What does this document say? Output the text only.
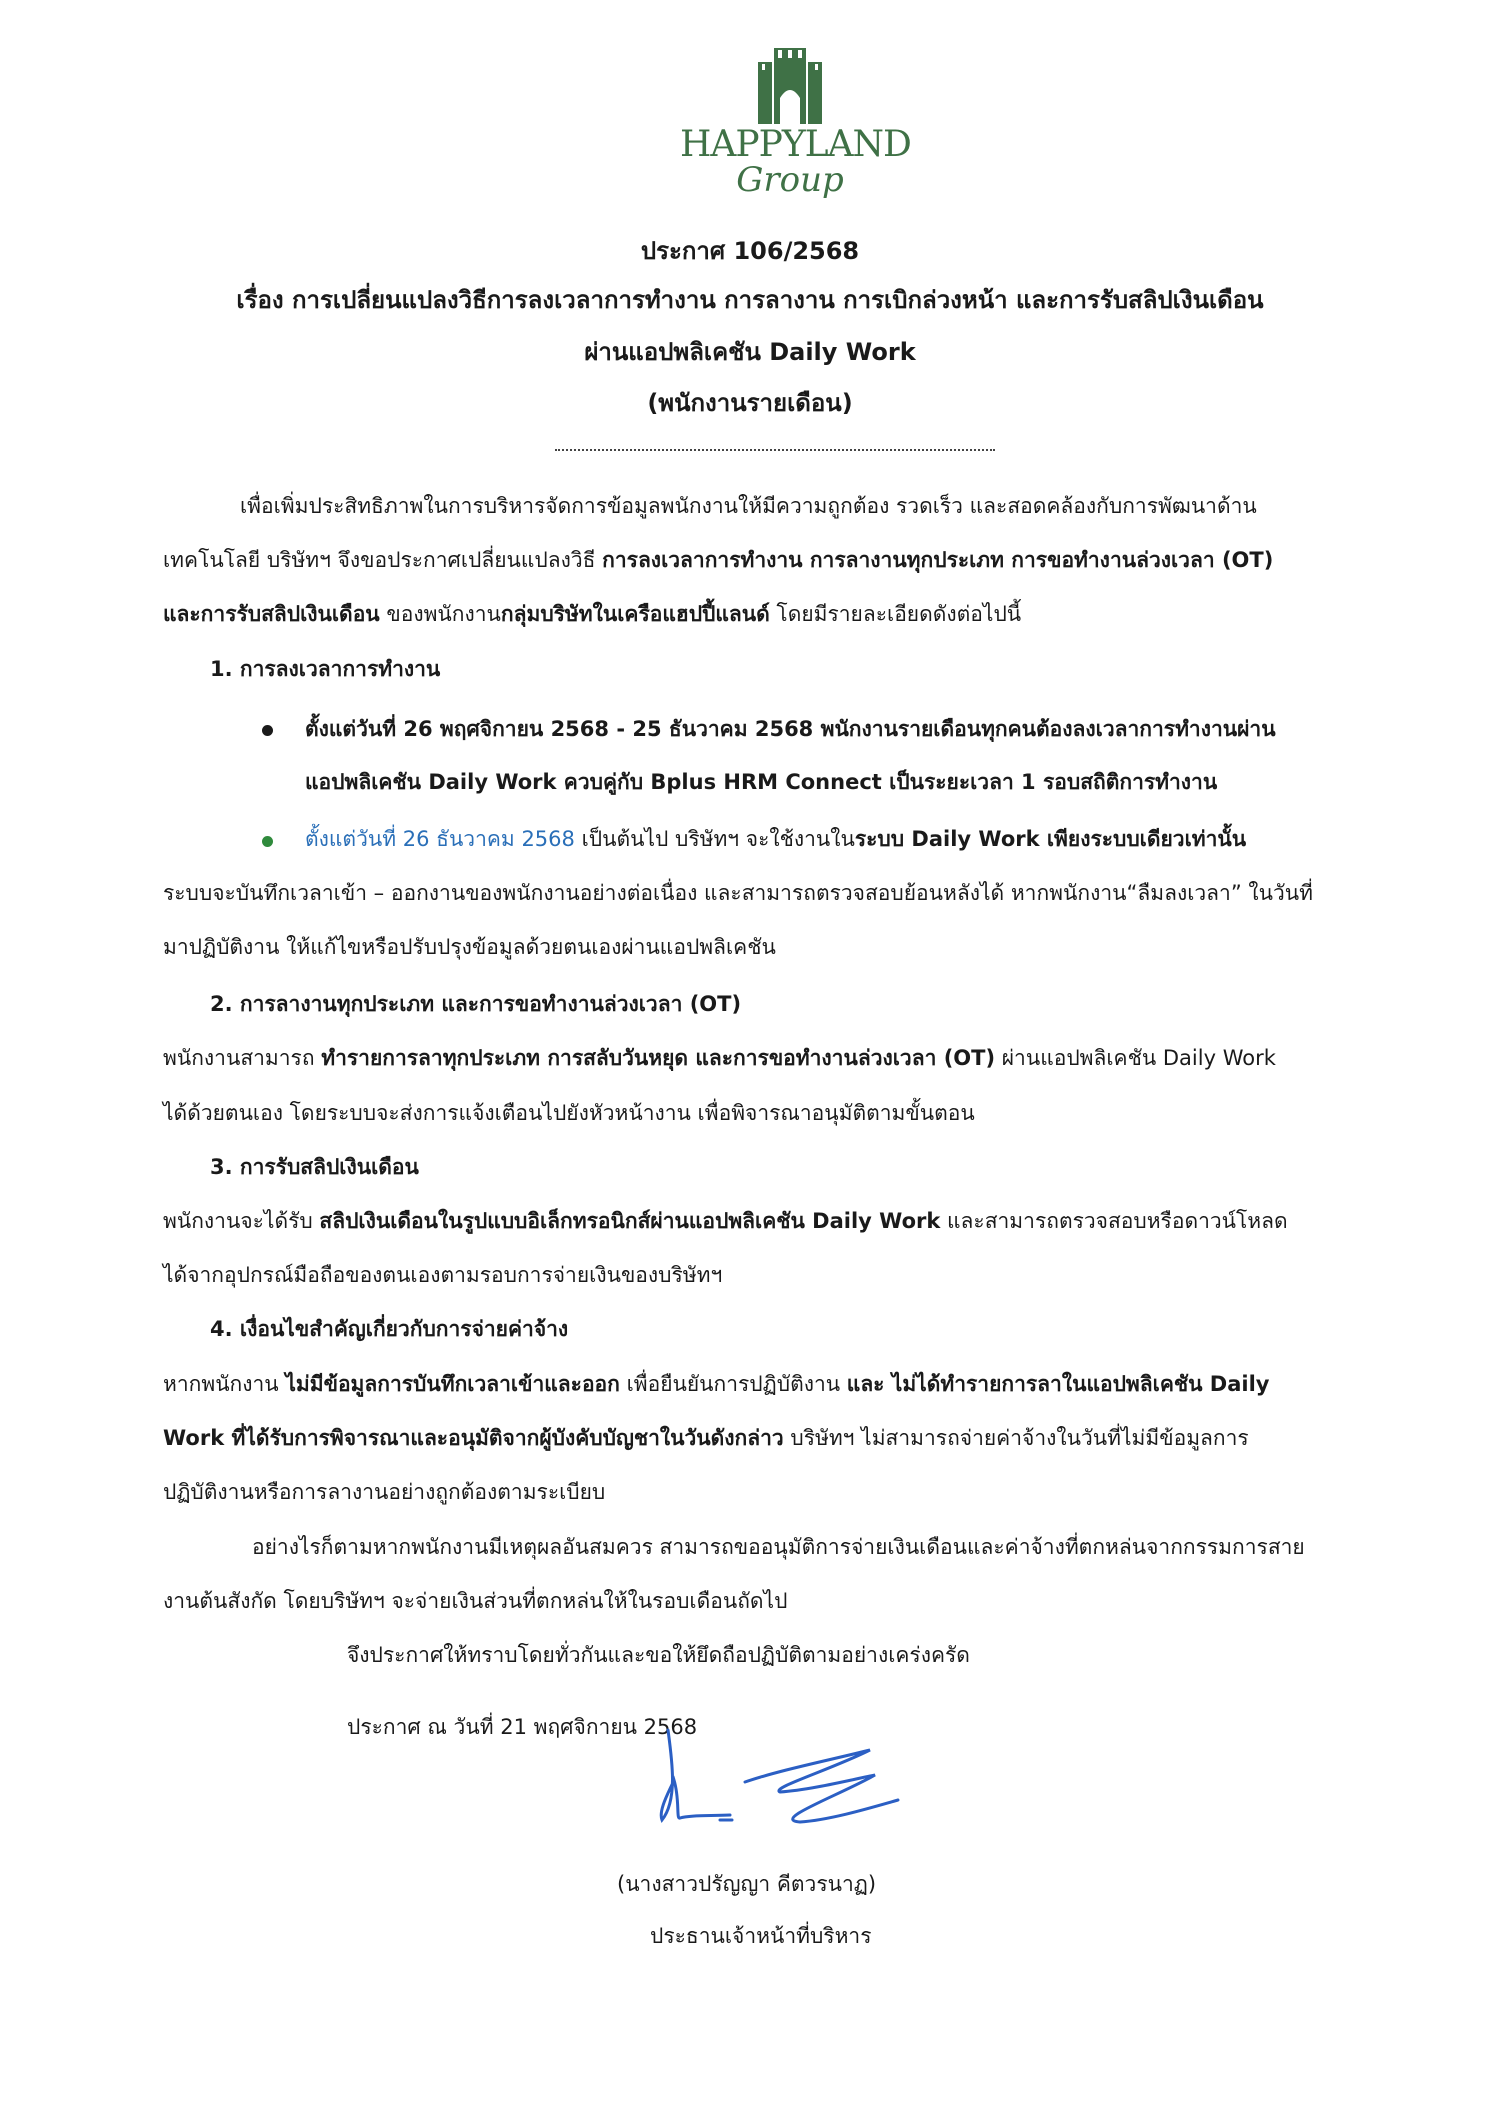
HAPPYLAND
Group
ประกาศ 106/2568
เรื่อง การเปลี่ยนแปลงวิธีการลงเวลาการทำงาน การลางาน การเบิกล่วงหน้า และการรับสลิปเงินเดือน
ผ่านแอปพลิเคชัน Daily Work
(พนักงานรายเดือน)
เพื่อเพิ่มประสิทธิภาพในการบริหารจัดการข้อมูลพนักงานให้มีความถูกต้อง รวดเร็ว และสอดคล้องกับการพัฒนาด้าน
เทคโนโลยี บริษัทฯ จึงขอประกาศเปลี่ยนแปลงวิธี การลงเวลาการทำงาน การลางานทุกประเภท การขอทำงานล่วงเวลา (OT)
และการรับสลิปเงินเดือน ของพนักงานกลุ่มบริษัทในเครือแฮปปี้แลนด์ โดยมีรายละเอียดดังต่อไปนี้
1. การลงเวลาการทำงาน
ตั้งแต่วันที่ 26 พฤศจิกายน 2568 - 25 ธันวาคม 2568 พนักงานรายเดือนทุกคนต้องลงเวลาการทำงานผ่าน
แอปพลิเคชัน Daily Work ควบคู่กับ Bplus HRM Connect เป็นระยะเวลา 1 รอบสถิติการทำงาน
ตั้งแต่วันที่ 26 ธันวาคม 2568 เป็นต้นไป บริษัทฯ จะใช้งานในระบบ Daily Work เพียงระบบเดียวเท่านั้น
ระบบจะบันทึกเวลาเข้า – ออกงานของพนักงานอย่างต่อเนื่อง และสามารถตรวจสอบย้อนหลังได้ หากพนักงาน“ลืมลงเวลา” ในวันที่
มาปฏิบัติงาน ให้แก้ไขหรือปรับปรุงข้อมูลด้วยตนเองผ่านแอปพลิเคชัน
2. การลางานทุกประเภท และการขอทำงานล่วงเวลา (OT)
พนักงานสามารถ ทำรายการลาทุกประเภท การสลับวันหยุด และการขอทำงานล่วงเวลา (OT) ผ่านแอปพลิเคชัน Daily Work
ได้ด้วยตนเอง โดยระบบจะส่งการแจ้งเตือนไปยังหัวหน้างาน เพื่อพิจารณาอนุมัติตามขั้นตอน
3. การรับสลิปเงินเดือน
พนักงานจะได้รับ สลิปเงินเดือนในรูปแบบอิเล็กทรอนิกส์ผ่านแอปพลิเคชัน Daily Work และสามารถตรวจสอบหรือดาวน์โหลด
ได้จากอุปกรณ์มือถือของตนเองตามรอบการจ่ายเงินของบริษัทฯ
4. เงื่อนไขสำคัญเกี่ยวกับการจ่ายค่าจ้าง
หากพนักงาน ไม่มีข้อมูลการบันทึกเวลาเข้าและออก เพื่อยืนยันการปฏิบัติงาน และ ไม่ได้ทำรายการลาในแอปพลิเคชัน Daily
Work ที่ได้รับการพิจารณาและอนุมัติจากผู้บังคับบัญชาในวันดังกล่าว บริษัทฯ ไม่สามารถจ่ายค่าจ้างในวันที่ไม่มีข้อมูลการ
ปฏิบัติงานหรือการลางานอย่างถูกต้องตามระเบียบ
อย่างไรก็ตามหากพนักงานมีเหตุผลอันสมควร สามารถขออนุมัติการจ่ายเงินเดือนและค่าจ้างที่ตกหล่นจากกรรมการสาย
งานต้นสังกัด โดยบริษัทฯ จะจ่ายเงินส่วนที่ตกหล่นให้ในรอบเดือนถัดไป
จึงประกาศให้ทราบโดยทั่วกันและขอให้ยึดถือปฏิบัติตามอย่างเคร่งครัด
ประกาศ ณ วันที่ 21 พฤศจิกายน 2568
(นางสาวปรัญญา คีตวรนาฏ)
ประธานเจ้าหน้าที่บริหาร
